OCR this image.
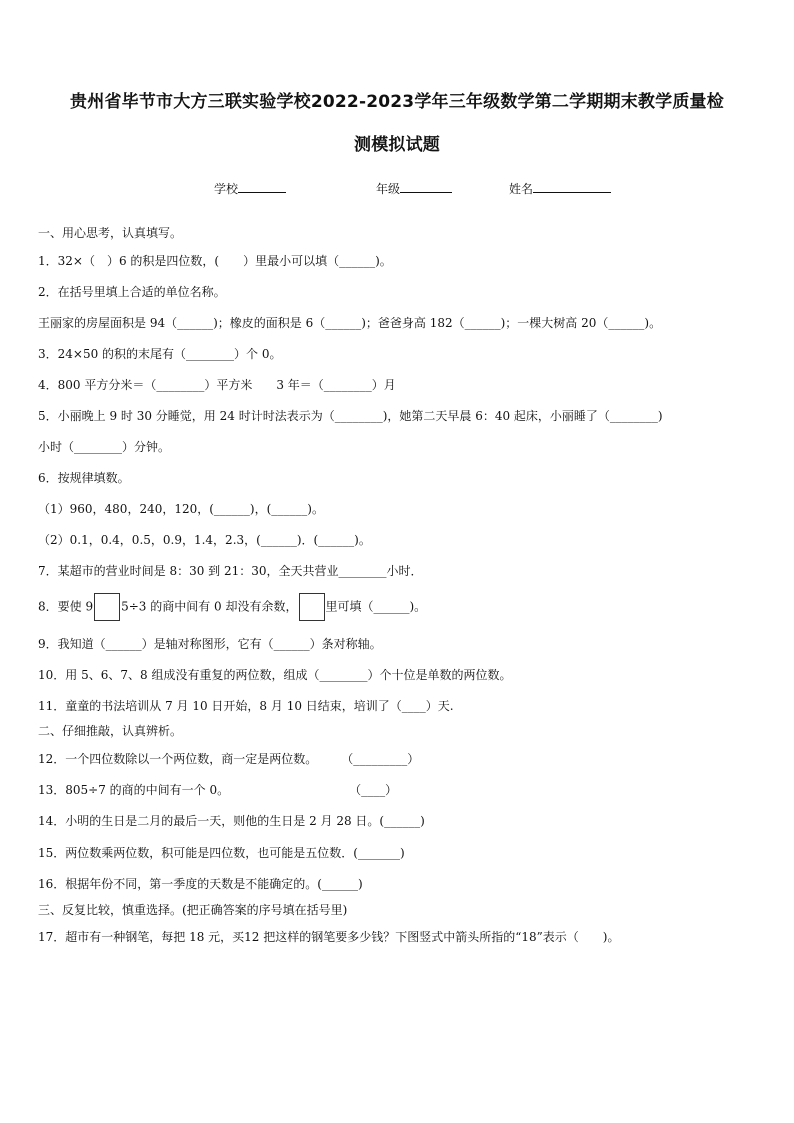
贵州省毕节市大方三联实验学校2022-2023学年三年级数学第二学期期末教学质量检
测模拟试题
学校	年级	姓名
一、用心思考，认真填写。
1．32×（　）6 的积是四位数，(　　）里最小可以填（______)。
2．在括号里填上合适的单位名称。
王丽家的房屋面积是 94（______)；橡皮的面积是 6（______)；爸爸身高 182（______)；一棵大树高 20（______)。
3．24×50 的积的末尾有（________）个 0。
4．800 平方分米＝（________）平方米　　3 年＝（________）月
5．小丽晚上 9 时 30 分睡觉，用 24 时计时法表示为（________)，她第二天早晨 6：40 起床，小丽睡了（________)
小时（________）分钟。
6．按规律填数。
（1）960，480，240，120，(______)，(______)。
（2）0.1，0.4，0.5，0.9，1.4，2.3，(______)．(______)。
7．某超市的营业时间是 8：30 到 21：30，全天共营业________小时．
8．要使 9 5÷3 的商中间有 0 却没有余数， 里可填（______)。
9．我知道（______）是轴对称图形，它有（______）条对称轴。
10．用 5、6、7、8 组成没有重复的两位数，组成（________）个十位是单数的两位数。
11．童童的书法培训从 7 月 10 日开始，8 月 10 日结束，培训了（____）天.
二、仔细推敲，认真辨析。
12．一个四位数除以一个两位数，商一定是两位数。　　　（_________）
13．805÷7 的商的中间有一个 0。　　　　　　　　　　　（____）
14．小明的生日是二月的最后一天，则他的生日是 2 月 28 日。(______)
15．两位数乘两位数，积可能是四位数，也可能是五位数．(_______)
16．根据年份不同，第一季度的天数是不能确定的。(______)
三、反复比较，慎重选择。(把正确答案的序号填在括号里)
17．超市有一种钢笔，每把 18 元，买12 把这样的钢笔要多少钱？下图竖式中箭头所指的“18”表示（　　)。
